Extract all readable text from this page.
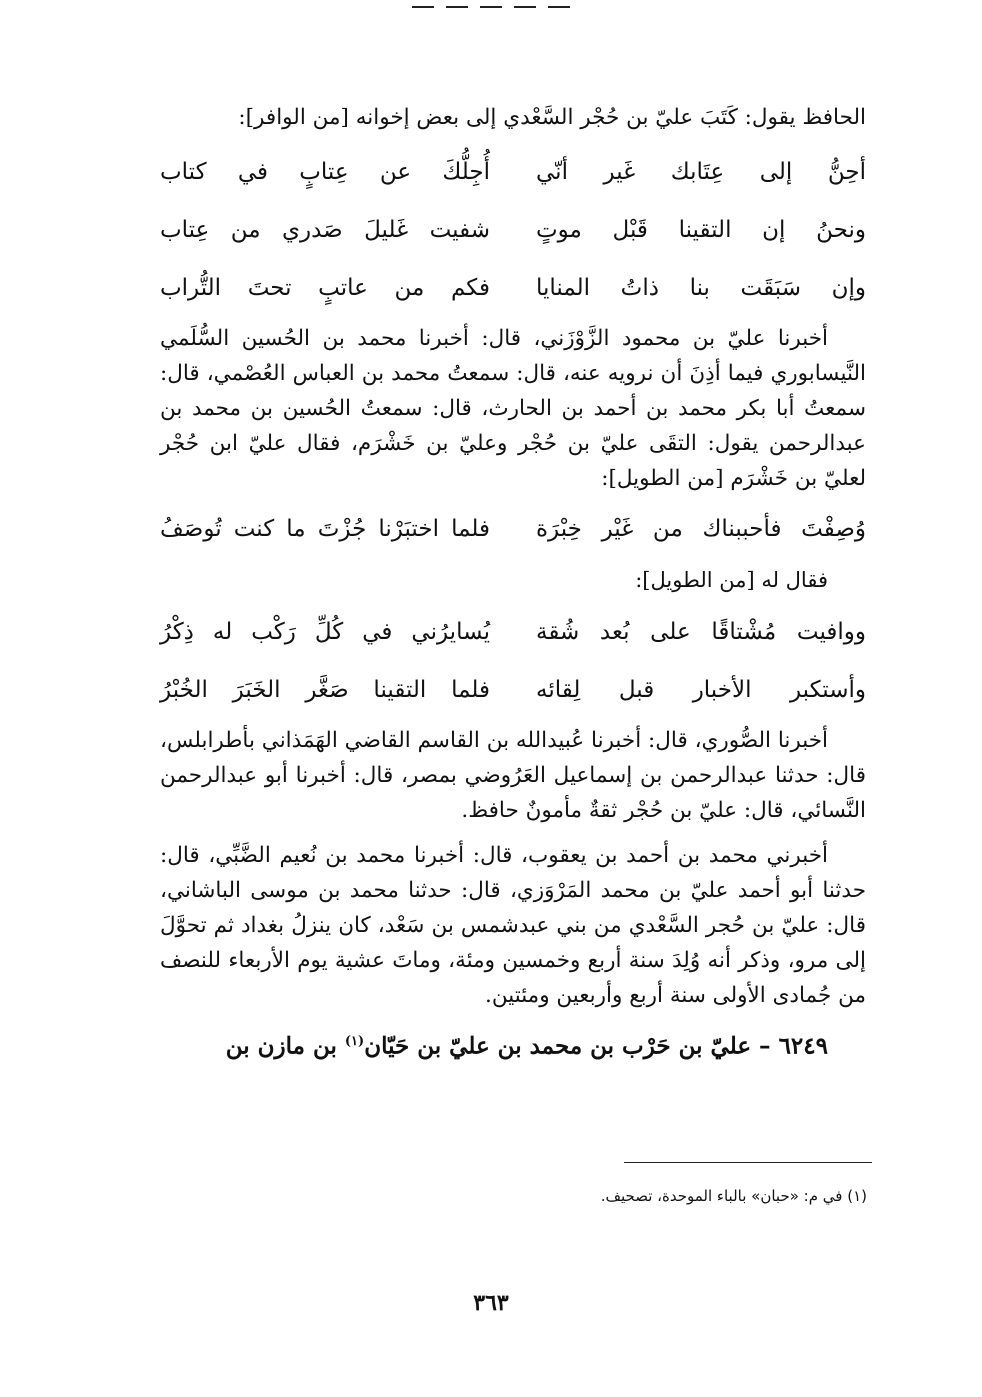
الحافظ يقول: كَتَبَ عليّ بن حُجْر السَّعْدي إلى بعض إخوانه [من الوافر]:

أحِنُّ إلى عِتَابك غَير أنّي
أُجِلُّكَ عن عِتابٍ في كتاب
ونحنُ إن التقينا قَبْل موتٍ
شفيت غَليلَ صَدري من عِتاب
وإن سَبَقَت بنا ذاتُ المنايا
فكم من عاتبٍ تحتَ التُّراب

أخبرنا عليّ بن محمود الزَّوْزَني، قال: أخبرنا محمد بن الحُسين السُّلَمي النَّيسابوري فيما أذِنَ أن نرويه عنه، قال: سمعتُ محمد بن العباس العُصْمي، قال: سمعتُ أبا بكر محمد بن أحمد بن الحارث، قال: سمعتُ الحُسين بن محمد بن عبدالرحمن يقول: التقَى عليّ بن حُجْر وعليّ بن خَشْرَم، فقال عليّ ابن حُجْر لعليّ بن خَشْرَم [من الطويل]:

وُصِفْتَ فأحببناك من غَيْر خِبْرَة
فلما اختبَرْنا جُزْتَ ما كنت تُوصَفُ
فقال له [من الطويل]:
ووافيت مُشْتاقًا على بُعد شُقة
يُسايرُني في كُلِّ رَكْب له ذِكْرُ
وأستكبر الأخبار قبل لِقائه
فلما التقينا صَغَّر الخَبَرَ الخُبْرُ

أخبرنا الصُّوري، قال: أخبرنا عُبيدالله بن القاسم القاضي الهَمَذاني بأطرابلس، قال: حدثنا عبدالرحمن بن إسماعيل العَرُوضي بمصر، قال: أخبرنا أبو عبدالرحمن النَّسائي، قال: عليّ بن حُجْر ثقةٌ مأمونٌ حافظ.

أخبرني محمد بن أحمد بن يعقوب، قال: أخبرنا محمد بن نُعيم الضَّبِّي، قال: حدثنا أبو أحمد عليّ بن محمد المَرْوَزي، قال: حدثنا محمد بن موسى الباشاني، قال: عليّ بن حُجر السَّعْدي من بني عبدشمس بن سَعْد، كان ينزلُ بغداد ثم تحوَّلَ إلى مرو، وذكر أنه وُلِدَ سنة أربع وخمسين ومئة، وماتَ عشية يوم الأربعاء للنصف من جُمادى الأولى سنة أربع وأربعين ومئتين.

٦٢٤٩ – عليّ بن حَرْب بن محمد بن عليّ بن حَيّان$^{(١)}$ بن مازن بن

(١) في م: «حبان» بالباء الموحدة، تصحيف.
٣٦٣
